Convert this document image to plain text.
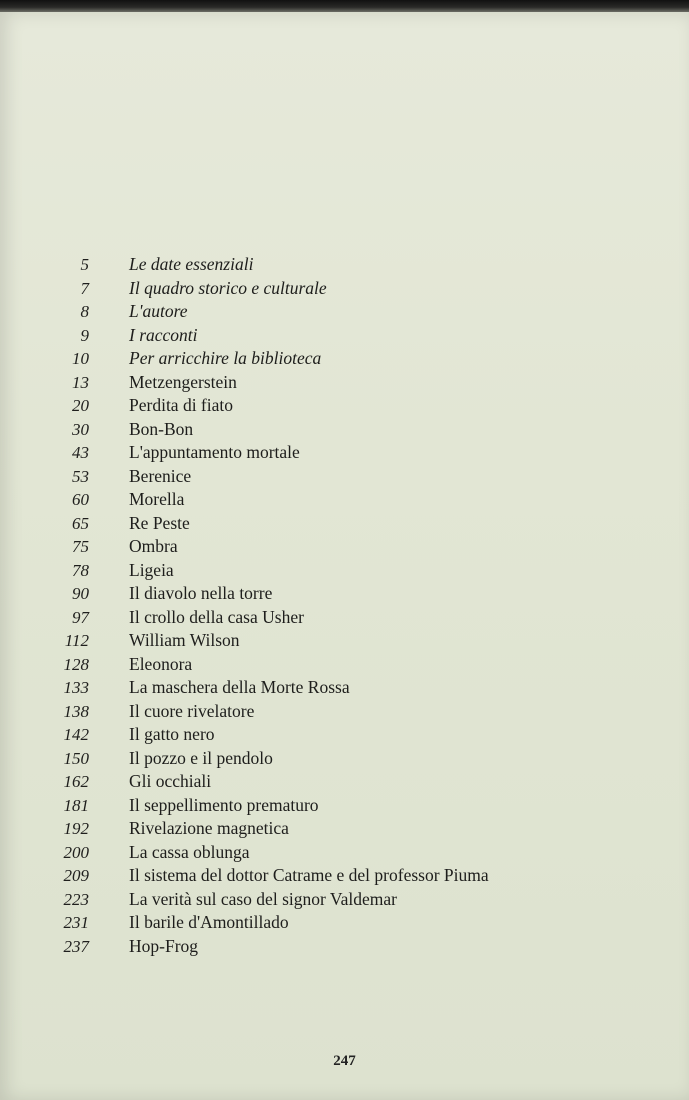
5 Le date essenziali
7 Il quadro storico e culturale
8 L'autore
9 I racconti
10 Per arricchire la biblioteca
13 Metzengerstein
20 Perdita di fiato
30 Bon-Bon
43 L'appuntamento mortale
53 Berenice
60 Morella
65 Re Peste
75 Ombra
78 Ligeia
90 Il diavolo nella torre
97 Il crollo della casa Usher
112 William Wilson
128 Eleonora
133 La maschera della Morte Rossa
138 Il cuore rivelatore
142 Il gatto nero
150 Il pozzo e il pendolo
162 Gli occhiali
181 Il seppellimento prematuro
192 Rivelazione magnetica
200 La cassa oblunga
209 Il sistema del dottor Catrame e del professor Piuma
223 La verità sul caso del signor Valdemar
231 Il barile d'Amontillado
237 Hop-Frog
247
